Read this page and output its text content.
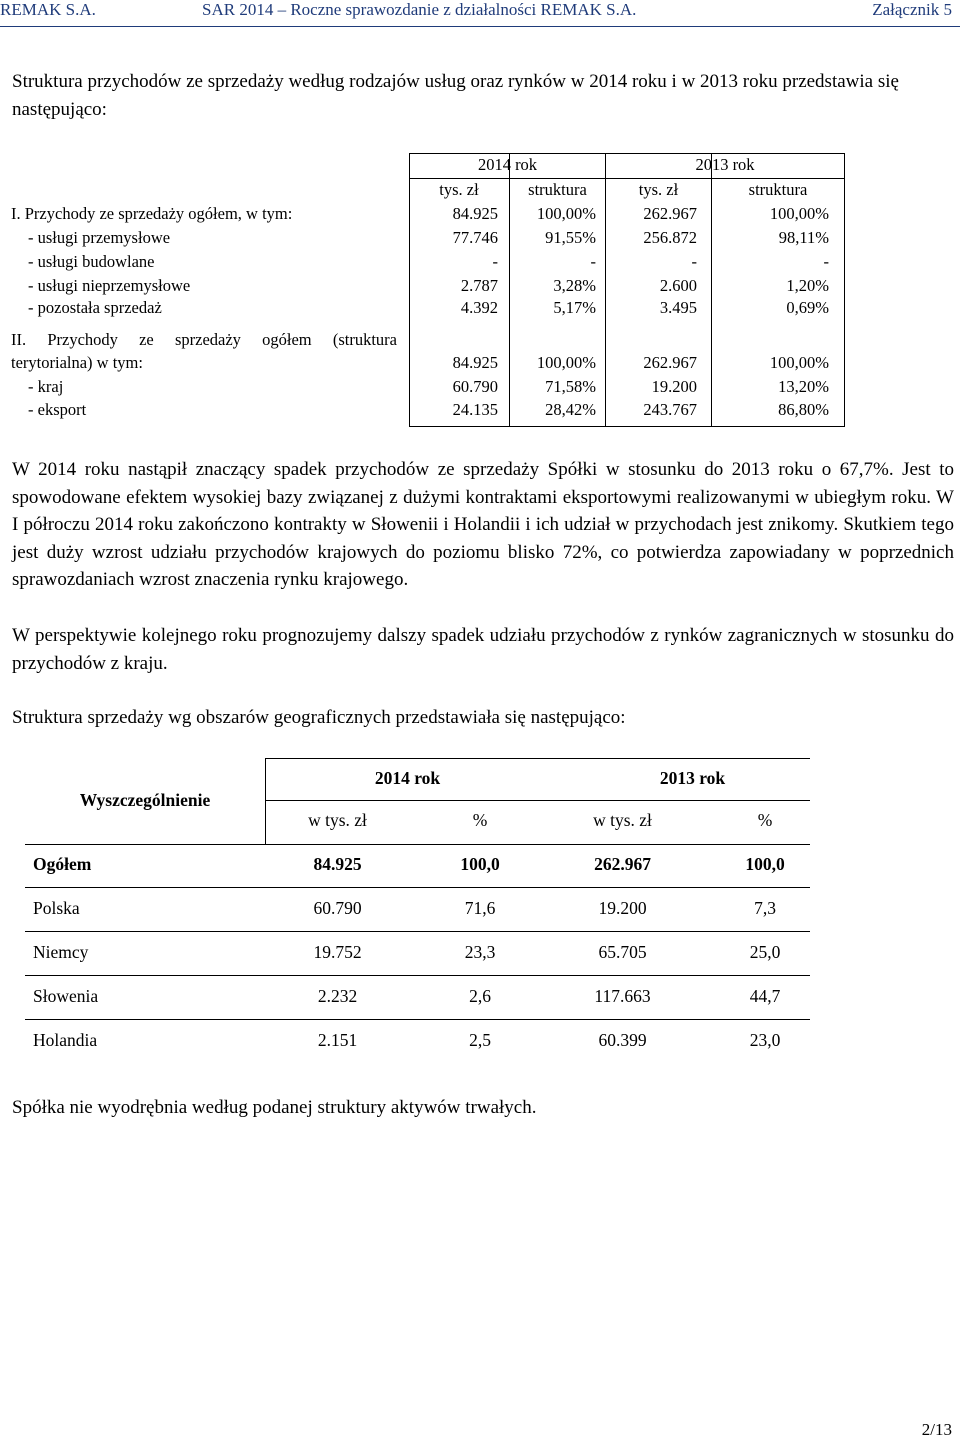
REMAK S.A.	SAR 2014 – Roczne sprawozdanie z działalności REMAK S.A.	Załącznik 5
Struktura przychodów ze sprzedaży według rodzajów usług oraz rynków w 2014 roku i w 2013 roku przedstawia się następująco:
2014 rok	2013 rok
tys. zł	struktura	tys. zł	struktura
I. Przychody ze sprzedaży ogółem, w tym:	84.925	100,00%	262.967	100,00%
- usługi przemysłowe	77.746	91,55%	256.872	98,11%
- usługi budowlane	-	-	-	-
- usługi nieprzemysłowe	2.787	3,28%	2.600	1,20%
- pozostała sprzedaż	4.392	5,17%	3.495	0,69%
II. Przychody ze sprzedaży ogółem (struktura
terytorialna) w tym:	84.925	100,00%	262.967	100,00%
- kraj	60.790	71,58%	19.200	13,20%
- eksport	24.135	28,42%	243.767	86,80%
W 2014 roku nastąpił znaczący spadek przychodów ze sprzedaży Spółki w stosunku do 2013 roku o 67,7%. Jest to spowodowane efektem wysokiej bazy związanej z dużymi kontraktami eksportowymi realizowanymi w ubiegłym roku. W I półroczu 2014 roku zakończono kontrakty w Słowenii i Holandii i ich udział w przychodach jest znikomy. Skutkiem tego jest duży wzrost udziału przychodów krajowych do poziomu blisko 72%, co potwierdza zapowiadany w poprzednich sprawozdaniach wzrost znaczenia rynku krajowego.
W perspektywie kolejnego roku prognozujemy dalszy spadek udziału przychodów z rynków zagranicznych w stosunku do przychodów z kraju.
Struktura sprzedaży wg obszarów geograficznych przedstawiała się następująco:
Wyszczególnienie
2014 rok	2013 rok
w tys. zł	%	w tys. zł	%
Ogółem	84.925	100,0	262.967	100,0
Polska	60.790	71,6	19.200	7,3
Niemcy	19.752	23,3	65.705	25,0
Słowenia	2.232	2,6	117.663	44,7
Holandia	2.151	2,5	60.399	23,0
Spółka nie wyodrębnia według podanej struktury aktywów trwałych.
2/13
